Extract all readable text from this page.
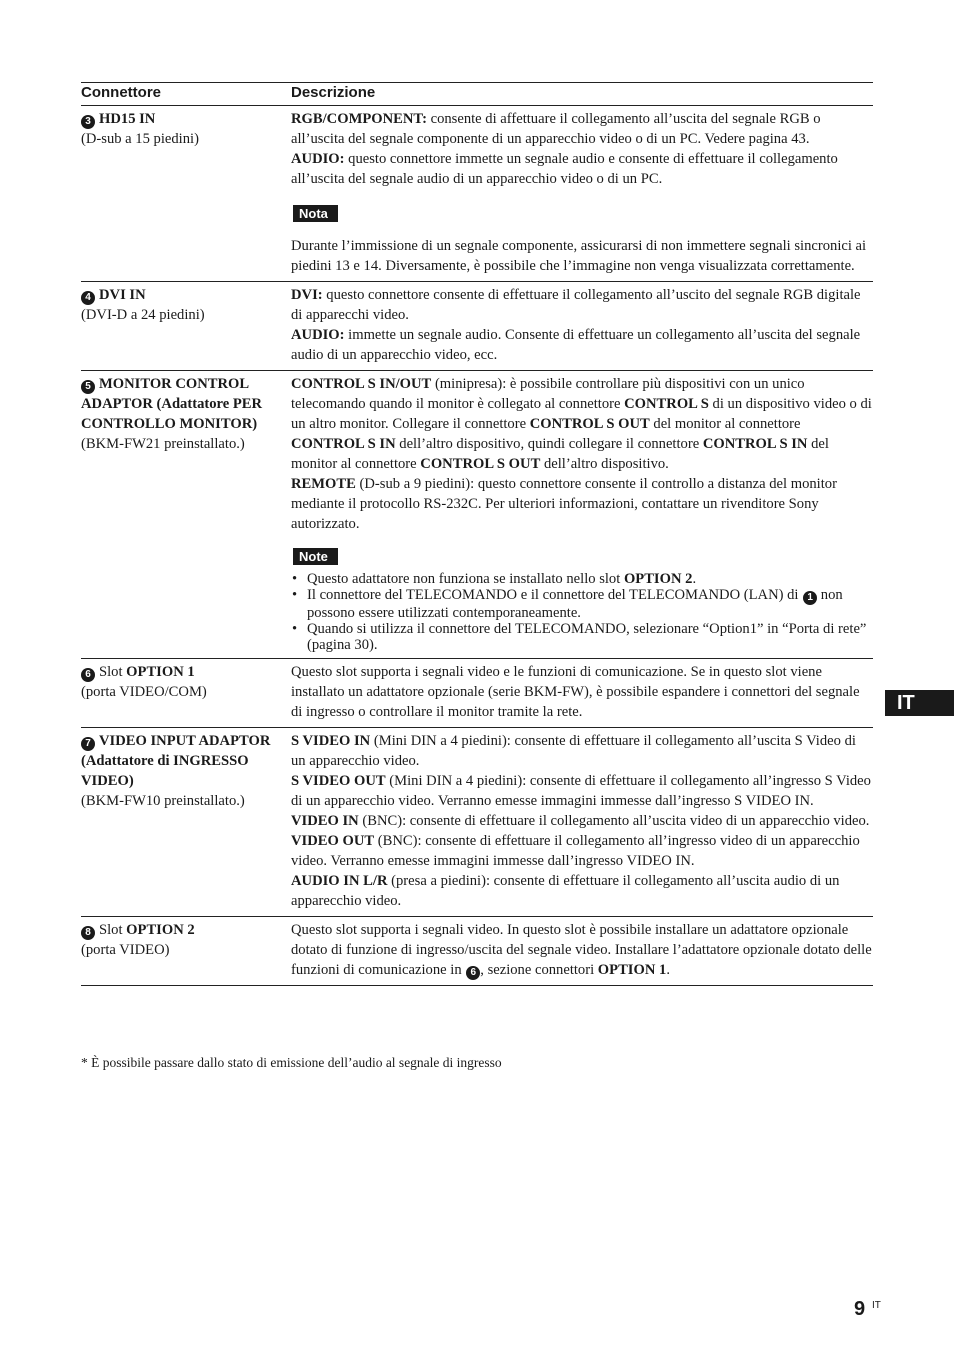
Connettore	Descrizione

3 HD15 IN

(D-sub a 15 piedini)

RGB/COMPONENT: consente di affettuare il collegamento all’uscita del segnale RGB o all’uscita del segnale componente di un apparecchio video o di un PC. Vedere pagina 43.

AUDIO: questo connettore immette un segnale audio e consente di effettuare il collegamento all’uscita del segnale audio di un apparecchio video o di un PC.

Nota

Durante l’immissione di un segnale componente, assicurarsi di non immettere segnali sincronici ai piedini 13 e 14. Diversamente, è possibile che l’immagine non venga visualizzata correttamente.

4 DVI IN

(DVI-D a 24 piedini)

DVI: questo connettore consente di effettuare il collegamento all’uscito del segnale RGB digitale di apparecchi video.

AUDIO: immette un segnale audio. Consente di effettuare un collegamento all’uscita del segnale audio di un apparecchio video, ecc.

5 MONITOR CONTROL ADAPTOR (Adattatore PER CONTROLLO MONITOR)

(BKM-FW21 preinstallato.)

CONTROL S IN/OUT (minipresa): è possibile controllare più dispositivi con un unico telecomando quando il monitor è collegato al connettore CONTROL S di un dispositivo video o di un altro monitor. Collegare il connettore CONTROL S OUT del monitor al connettore CONTROL S IN dell’altro dispositivo, quindi collegare il connettore CONTROL S IN del monitor al connettore CONTROL S OUT dell’altro dispositivo.

REMOTE (D-sub a 9 piedini): questo connettore consente il controllo a distanza del monitor mediante il protocollo RS-232C. Per ulteriori informazioni, contattare un rivenditore Sony autorizzato.

Note
• Questo adattatore non funziona se installato nello slot OPTION 2.
• Il connettore del TELECOMANDO e il connettore del TELECOMANDO (LAN) di 1 non possono essere utilizzati contemporaneamente.
• Quando si utilizza il connettore del TELECOMANDO, selezionare “Option1” in “Porta di rete” (pagina 30).

6 Slot OPTION 1

(porta VIDEO/COM)

Questo slot supporta i segnali video e le funzioni di comunicazione. Se in questo slot viene installato un adattatore opzionale (serie BKM-FW), è possibile espandere i connettori del segnale di ingresso o controllare il monitor tramite la rete.

7 VIDEO INPUT ADAPTOR (Adattatore di INGRESSO VIDEO)

(BKM-FW10 preinstallato.)

S VIDEO IN (Mini DIN a 4 piedini): consente di effettuare il collegamento all’uscita S Video di un apparecchio video.

S VIDEO OUT (Mini DIN a 4 piedini): consente di effettuare il collegamento all’ingresso S Video di un apparecchio video. Verranno emesse immagini immesse dall’ingresso S VIDEO IN.

VIDEO IN (BNC): consente di effettuare il collegamento all’uscita video di un apparecchio video.

VIDEO OUT (BNC): consente di effettuare il collegamento all’ingresso video di un apparecchio video. Verranno emesse immagini immesse dall’ingresso VIDEO IN.

AUDIO IN L/R (presa a piedini): consente di effettuare il collegamento all’uscita audio di un apparecchio video.

8 Slot OPTION 2

(porta VIDEO)

Questo slot supporta i segnali video. In questo slot è possibile installare un adattatore opzionale dotato di funzione di ingresso/uscita del segnale video. Installare l’adattatore opzionale dotato delle funzioni di comunicazione in 6 , sezione connettori OPTION 1.

* È possibile passare dallo stato di emissione dell’audio al segnale di ingresso
IT
9 IT
